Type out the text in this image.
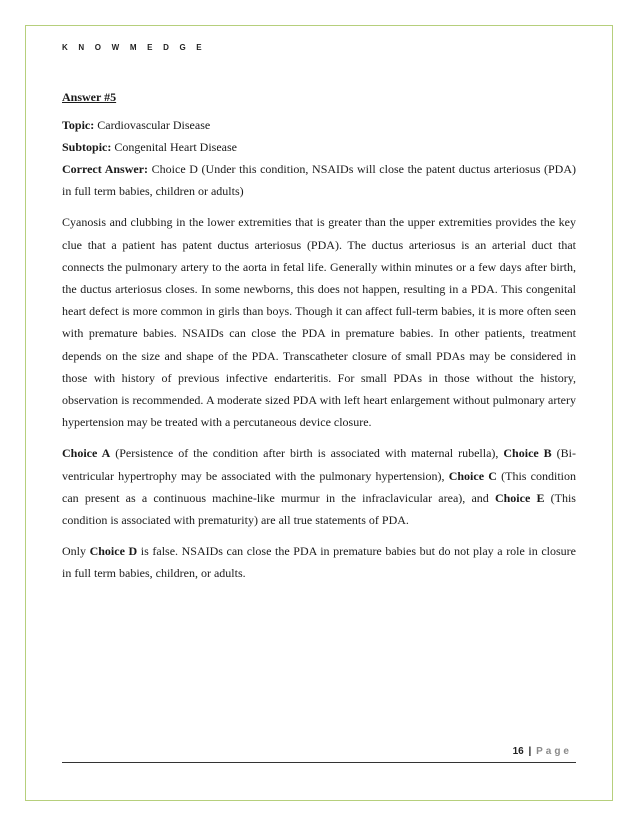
K N O W M E D G E

Answer #5

Topic: Cardiovascular Disease

Subtopic: Congenital Heart Disease

Correct Answer: Choice D (Under this condition, NSAIDs will close the patent ductus arteriosus (PDA) in full term babies, children or adults)

Cyanosis and clubbing in the lower extremities that is greater than the upper extremities provides the key clue that a patient has patent ductus arteriosus (PDA). The ductus arteriosus is an arterial duct that connects the pulmonary artery to the aorta in fetal life. Generally within minutes or a few days after birth, the ductus arteriosus closes. In some newborns, this does not happen, resulting in a PDA. This congenital heart defect is more common in girls than boys. Though it can affect full-term babies, it is more often seen with premature babies. NSAIDs can close the PDA in premature babies. In other patients, treatment depends on the size and shape of the PDA. Transcatheter closure of small PDAs may be considered in those with history of previous infective endarteritis. For small PDAs in those without the history, observation is recommended. A moderate sized PDA with left heart enlargement without pulmonary artery hypertension may be treated with a percutaneous device closure.

Choice A (Persistence of the condition after birth is associated with maternal rubella), Choice B (Bi-ventricular hypertrophy may be associated with the pulmonary hypertension), Choice C (This condition can present as a continuous machine-like murmur in the infraclavicular area), and Choice E (This condition is associated with prematurity) are all true statements of PDA.

Only Choice D is false. NSAIDs can close the PDA in premature babies but do not play a role in closure in full term babies, children, or adults.

16 | Page
